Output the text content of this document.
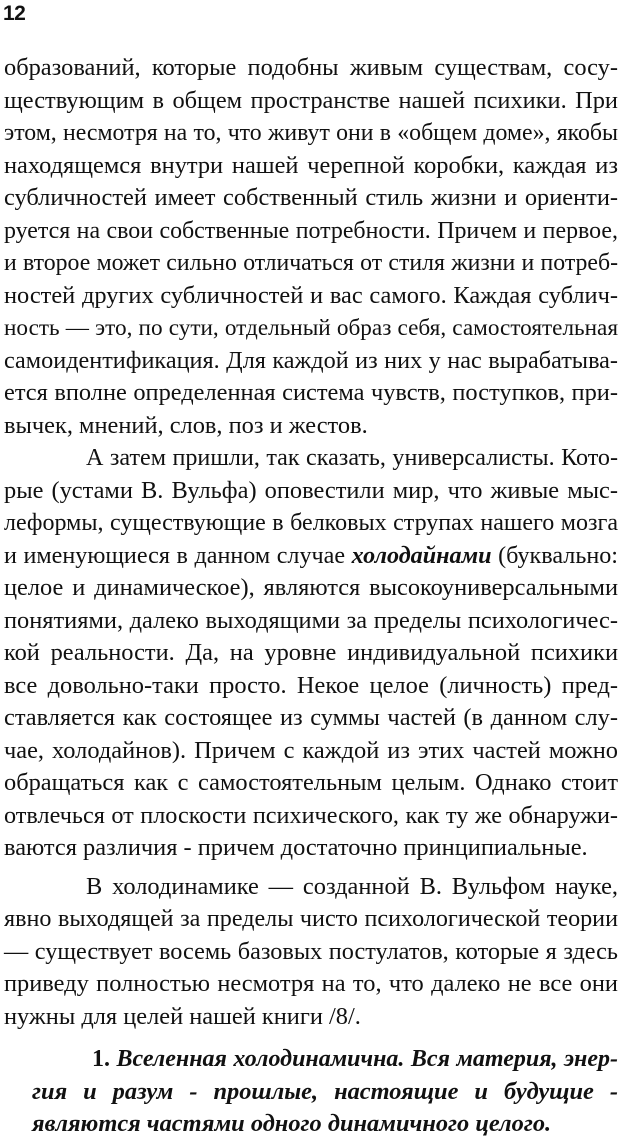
12
образований, которые подобны живым существам, сосу-
ществующим в общем пространстве нашей психики. При
этом, несмотря на то, что живут они в «общем доме», якобы
находящемся внутри нашей черепной коробки, каждая из
субличностей имеет собственный стиль жизни и ориенти-
руется на свои собственные потребности. Причем и первое,
и второе может сильно отличаться от стиля жизни и потреб-
ностей других субличностей и вас самого. Каждая сублич-
ность — это, по сути, отдельный образ себя, самостоятельная
самоидентификация. Для каждой из них у нас вырабатыва-
ется вполне определенная система чувств, поступков, при-
вычек, мнений, слов, поз и жестов.
А затем пришли, так сказать, универсалисты. Кото-
рые (устами В. Вульфа) оповестили мир, что живые мыс-
леформы, существующие в белковых струпах нашего мозга
и именующиеся в данном случае холодайнами (буквально:
целое и динамическое), являются высокоуниверсальными
понятиями, далеко выходящими за пределы психологичес-
кой реальности. Да, на уровне индивидуальной психики
все довольно-таки просто. Некое целое (личность) пред-
ставляется как состоящее из суммы частей (в данном слу-
чае, холодайнов). Причем с каждой из этих частей можно
обращаться как с самостоятельным целым. Однако стоит
отвлечься от плоскости психического, как ту же обнаружи-
ваются различия - причем достаточно принципиальные.
В холодинамике — созданной В. Вульфом науке,
явно выходящей за пределы чисто психологической теории
— существует восемь базовых постулатов, которые я здесь
приведу полностью несмотря на то, что далеко не все они
нужны для целей нашей книги /8/.
1. Вселенная холодинамична. Вся материя, энер-
гия и разум - прошлые, настоящие и будущие -
являются частями одного динамичного целого.
